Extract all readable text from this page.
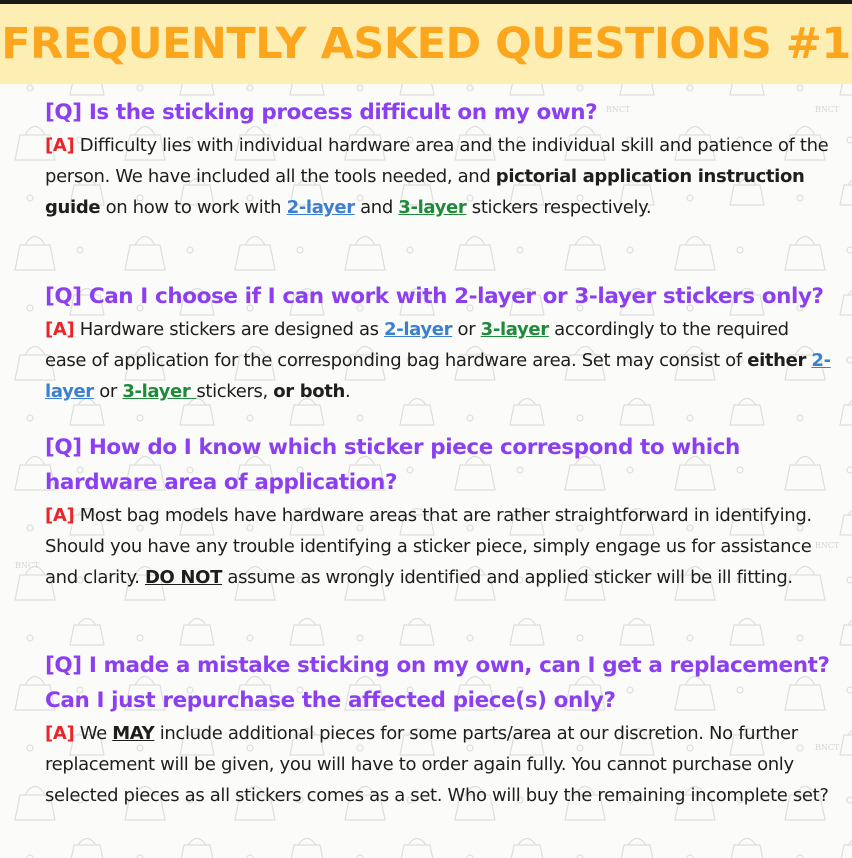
BNCT	BNCT
BNCT
BNCT
BNCT
FREQUENTLY ASKED QUESTIONS #1

[Q] Is the sticking process difficult on my own?

[A] Difficulty lies with individual hardware area and the individual skill and patience of the person. We have included all the tools needed, and pictorial application instruction guide on how to work with 2-layer and 3-layer stickers respectively.

[Q] Can I choose if I can work with 2-layer or 3-layer stickers only?

[A] Hardware stickers are designed as 2-layer or 3-layer accordingly to the required ease of application for the corresponding bag hardware area. Set may consist of either 2-layer or 3-layer stickers, or both.

[Q] How do I know which sticker piece correspond to which hardware area of application?

[A] Most bag models have hardware areas that are rather straightforward in identifying. Should you have any trouble identifying a sticker piece, simply engage us for assistance and clarity. DO NOT assume as wrongly identified and applied sticker will be ill fitting.

[Q] I made a mistake sticking on my own, can I get a replacement? Can I just repurchase the affected piece(s) only?

[A] We MAY include additional pieces for some parts/area at our discretion. No further replacement will be given, you will have to order again fully. You cannot purchase only selected pieces as all stickers comes as a set. Who will buy the remaining incomplete set?
